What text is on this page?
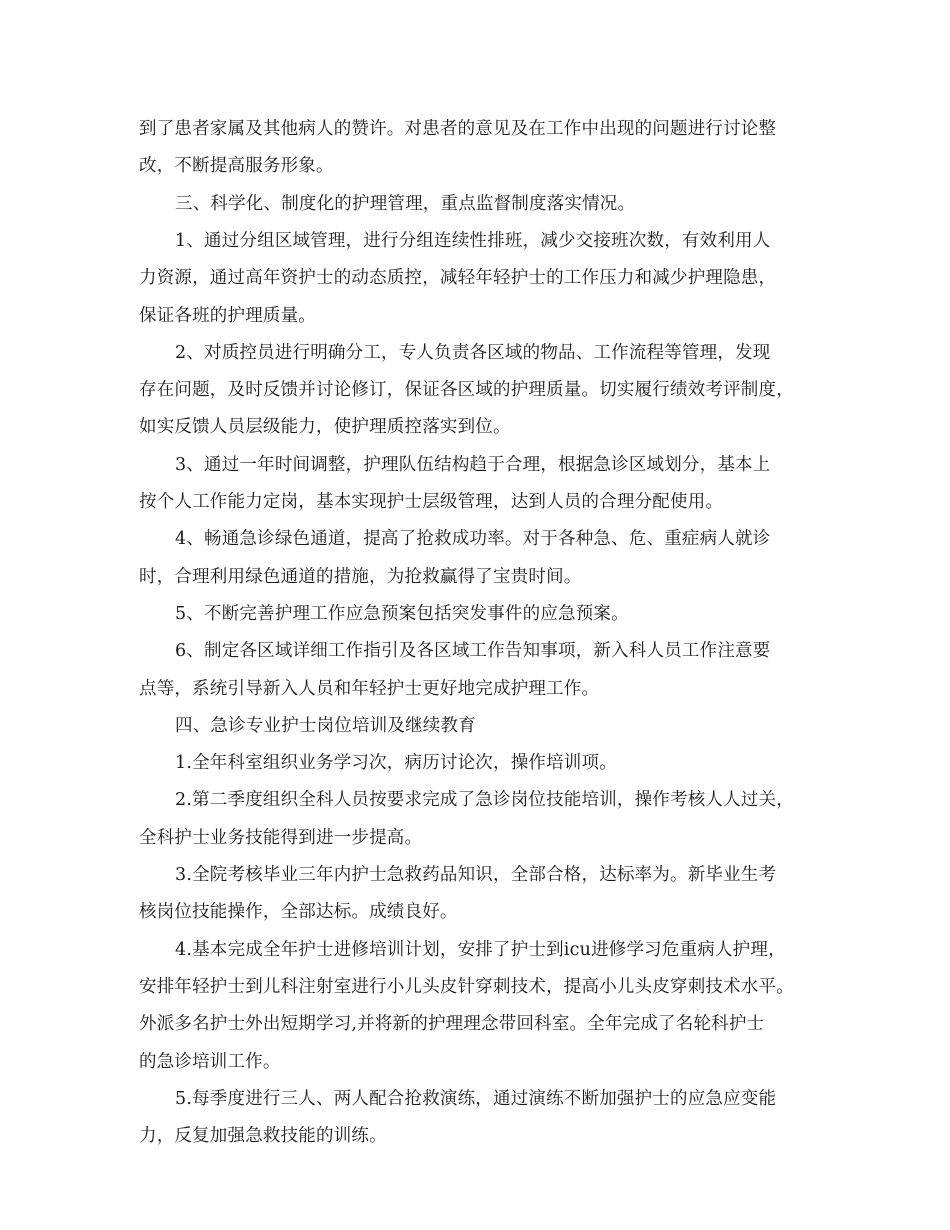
到了患者家属及其他病人的赞许。对患者的意见及在工作中出现的问题进行讨论整
改，不断提高服务形象。
三、科学化、制度化的护理管理，重点监督制度落实情况。
1、通过分组区域管理，进行分组连续性排班，减少交接班次数，有效利用人
力资源，通过高年资护士的动态质控，减轻年轻护士的工作压力和减少护理隐患，
保证各班的护理质量。
2、对质控员进行明确分工，专人负责各区域的物品、工作流程等管理，发现
存在问题，及时反馈并讨论修订，保证各区域的护理质量。切实履行绩效考评制度，
如实反馈人员层级能力，使护理质控落实到位。
3、通过一年时间调整，护理队伍结构趋于合理，根据急诊区域划分，基本上
按个人工作能力定岗，基本实现护士层级管理，达到人员的合理分配使用。
4、畅通急诊绿色通道，提高了抢救成功率。对于各种急、危、重症病人就诊
时，合理利用绿色通道的措施，为抢救赢得了宝贵时间。
5、不断完善护理工作应急预案包括突发事件的应急预案。
6、制定各区域详细工作指引及各区域工作告知事项，新入科人员工作注意要
点等，系统引导新入人员和年轻护士更好地完成护理工作。
四、急诊专业护士岗位培训及继续教育
1.全年科室组织业务学习次，病历讨论次，操作培训项。
2.第二季度组织全科人员按要求完成了急诊岗位技能培训，操作考核人人过关，
全科护士业务技能得到进一步提高。
3.全院考核毕业三年内护士急救药品知识，全部合格，达标率为。新毕业生考
核岗位技能操作，全部达标。成绩良好。
4.基本完成全年护士进修培训计划，安排了护士到icu进修学习危重病人护理，
安排年轻护士到儿科注射室进行小儿头皮针穿刺技术，提高小儿头皮穿刺技术水平。
外派多名护士外出短期学习,并将新的护理理念带回科室。全年完成了名轮科护士
的急诊培训工作。
5.每季度进行三人、两人配合抢救演练，通过演练不断加强护士的应急应变能
力，反复加强急救技能的训练。
